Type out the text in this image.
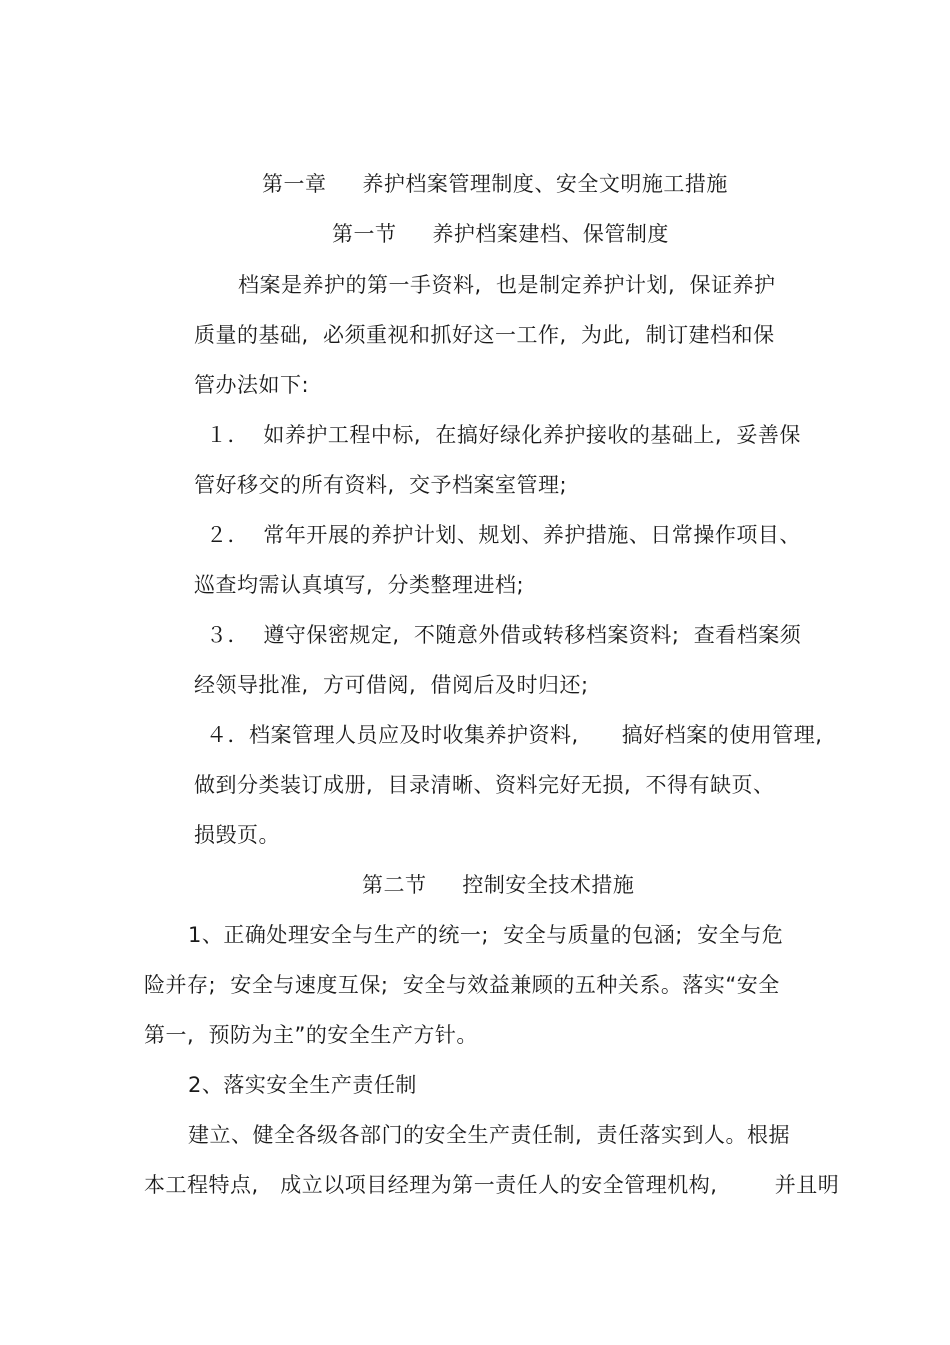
第一章     养护档案管理制度、安全文明施工措施
第一节     养护档案建档、保管制度
档案是养护的第一手资料,  也是制定养护计划,  保证养护
质量的基础,  必须重视和抓好这一工作,  为此,  制订建档和保
管办法如下:
１．  如养护工程中标,  在搞好绿化养护接收的基础上,  妥善保
管好移交的所有资料,  交予档案室管理;
２．  常年开展的养护计划、规划、养护措施、日常操作项目、
巡查均需认真填写,  分类整理进档;
３．  遵守保密规定,  不随意外借或转移档案资料;  查看档案须
经领导批准,  方可借阅,  借阅后及时归还;
４．档案管理人员应及时收集养护资料,      搞好档案的使用管理,
做到分类装订成册,  目录清晰、资料完好无损,  不得有缺页、
损毁页。
第二节     控制安全技术措施
1、正确处理安全与生产的统一;  安全与质量的包涵;  安全与危
险并存;  安全与速度互保;  安全与效益兼顾的五种关系。落实“安全
第一,  预防为主”的安全生产方针。
2、落实安全生产责任制
建立、健全各级各部门的安全生产责任制,  责任落实到人。根据
本工程特点,   成立以项目经理为第一责任人的安全管理机构,        并且明
